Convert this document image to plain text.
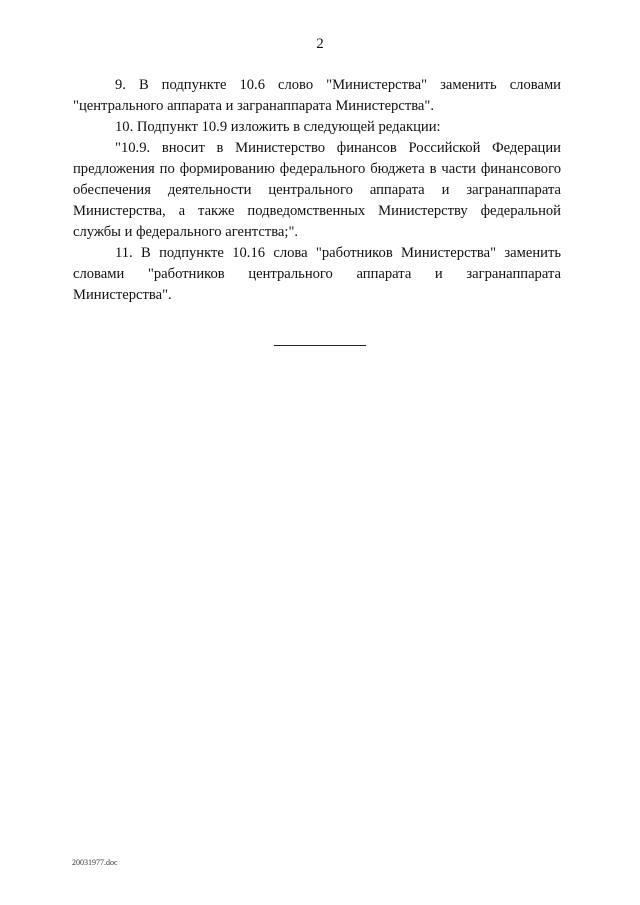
2

9. В подпункте 10.6 слово "Министерства" заменить словами "центрального аппарата и загранаппарата Министерства".

10. Подпункт 10.9 изложить в следующей редакции:

"10.9. вносит в Министерство финансов Российской Федерации предложения по формированию федерального бюджета в части финансового обеспечения деятельности центрального аппарата и загранаппарата Министерства, а также подведомственных Министерству федеральной службы и федерального агентства;".

11. В подпункте 10.16 слова "работников Министерства" заменить словами "работников центрального аппарата и загранаппарата Министерства".

20031977.doc
